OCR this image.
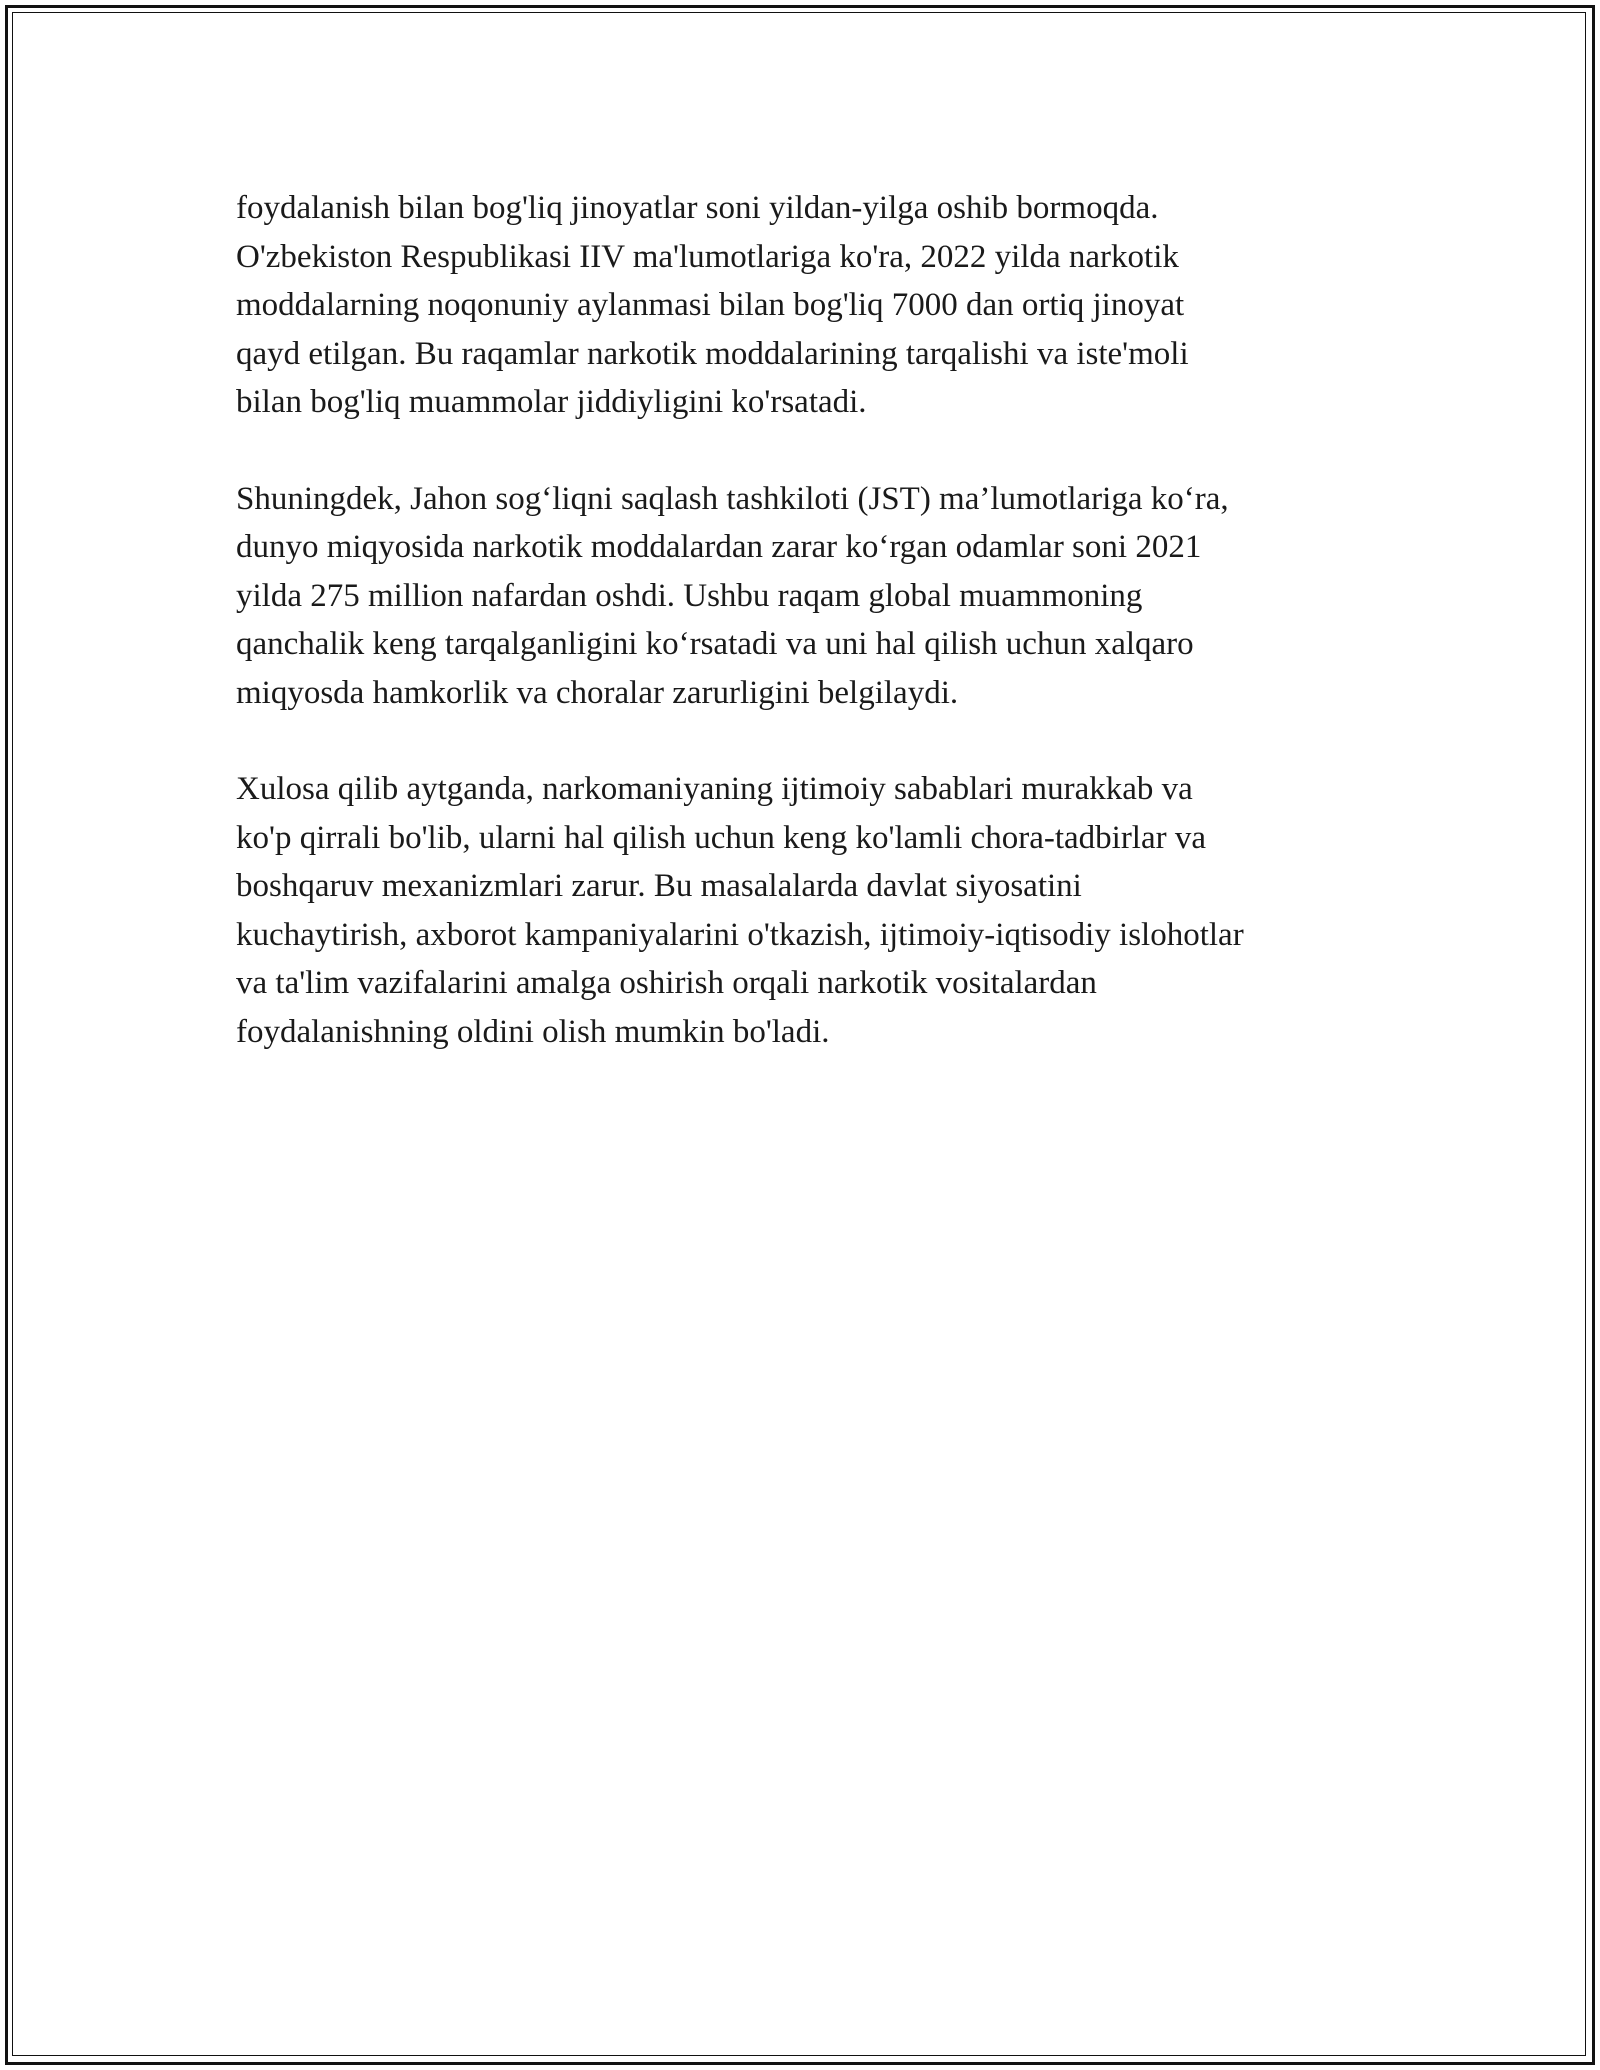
foydalanish bilan bog'liq jinoyatlar soni yildan-yilga oshib bormoqda.
O'zbekiston Respublikasi IIV ma'lumotlariga ko'ra, 2022 yilda narkotik
moddalarning noqonuniy aylanmasi bilan bog'liq 7000 dan ortiq jinoyat
qayd etilgan. Bu raqamlar narkotik moddalarining tarqalishi va iste'moli
bilan bog'liq muammolar jiddiyligini ko'rsatadi.

Shuningdek, Jahon sog‘liqni saqlash tashkiloti (JST) ma’lumotlariga ko‘ra,
dunyo miqyosida narkotik moddalardan zarar ko‘rgan odamlar soni 2021
yilda 275 million nafardan oshdi. Ushbu raqam global muammoning
qanchalik keng tarqalganligini ko‘rsatadi va uni hal qilish uchun xalqaro
miqyosda hamkorlik va choralar zarurligini belgilaydi.

Xulosa qilib aytganda, narkomaniyaning ijtimoiy sabablari murakkab va
ko'p qirrali bo'lib, ularni hal qilish uchun keng ko'lamli chora-tadbirlar va
boshqaruv mexanizmlari zarur. Bu masalalarda davlat siyosatini
kuchaytirish, axborot kampaniyalarini o'tkazish, ijtimoiy-iqtisodiy islohotlar
va ta'lim vazifalarini amalga oshirish orqali narkotik vositalardan
foydalanishning oldini olish mumkin bo'ladi.
